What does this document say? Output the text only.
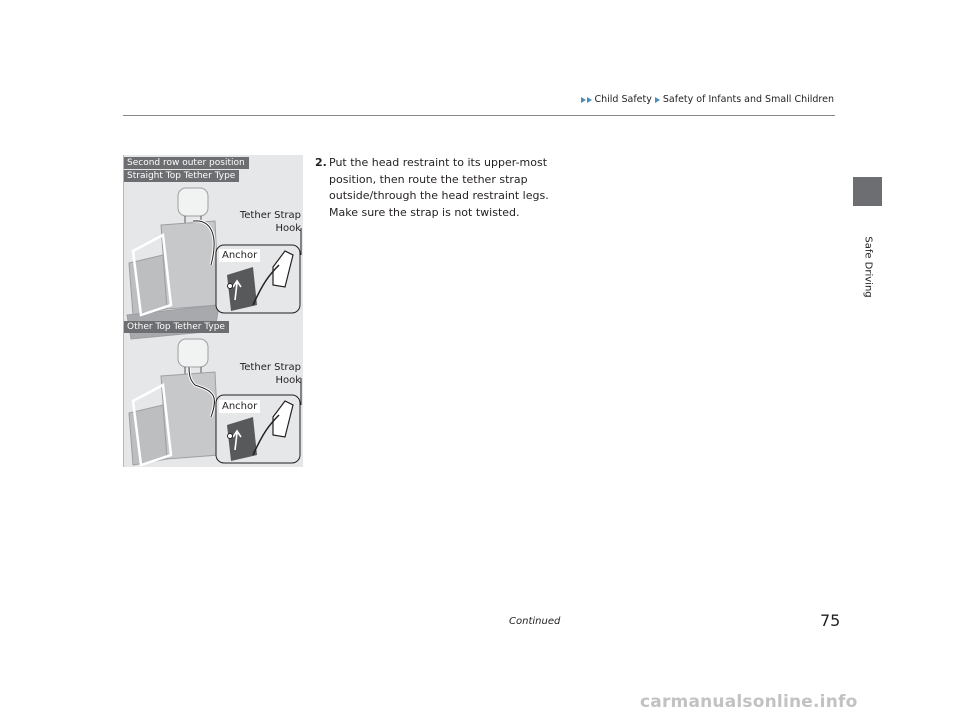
Child Safety Safety of Infants and Small Children
Safe Driving
Second row outer position
Straight Top Tether Type
Tether Strap
Hook
Anchor
Other Top Tether Type
Tether Strap
Hook
Anchor
2. Put the head restraint to its upper-most position, then route the tether strap outside/through the head restraint legs. Make sure the strap is not twisted.
Continued	75
carmanualsonline.info
